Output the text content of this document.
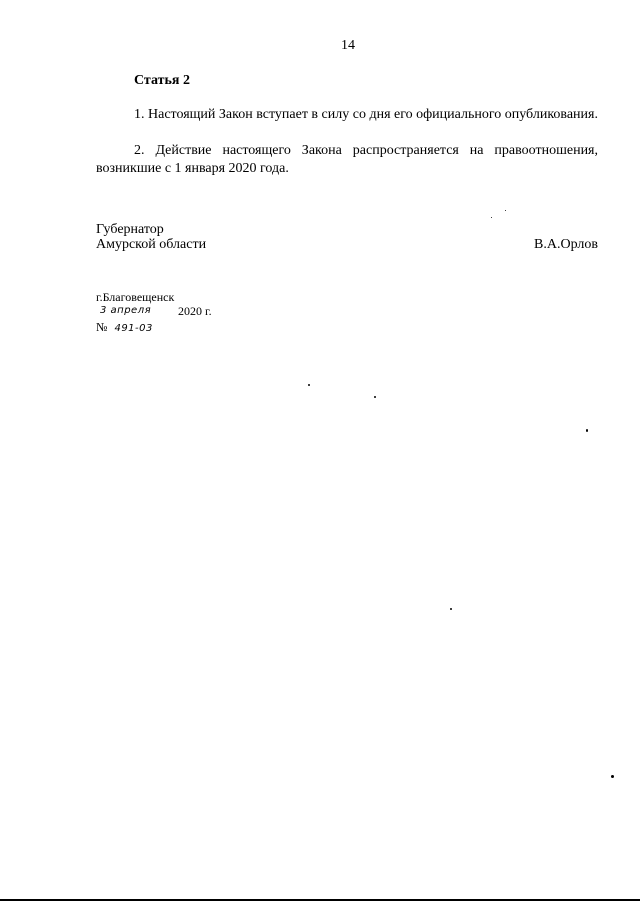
14
Статья 2
1. Настоящий Закон вступает в силу со дня его официального опубликования.
2. Действие настоящего Закона распространяется на правоотношения, возникшие с 1 января 2020 года.
Губернатор
Амурской области	В.А.Орлов
г.Благовещенск
3 апреля 2020 г.
№ 491-03
